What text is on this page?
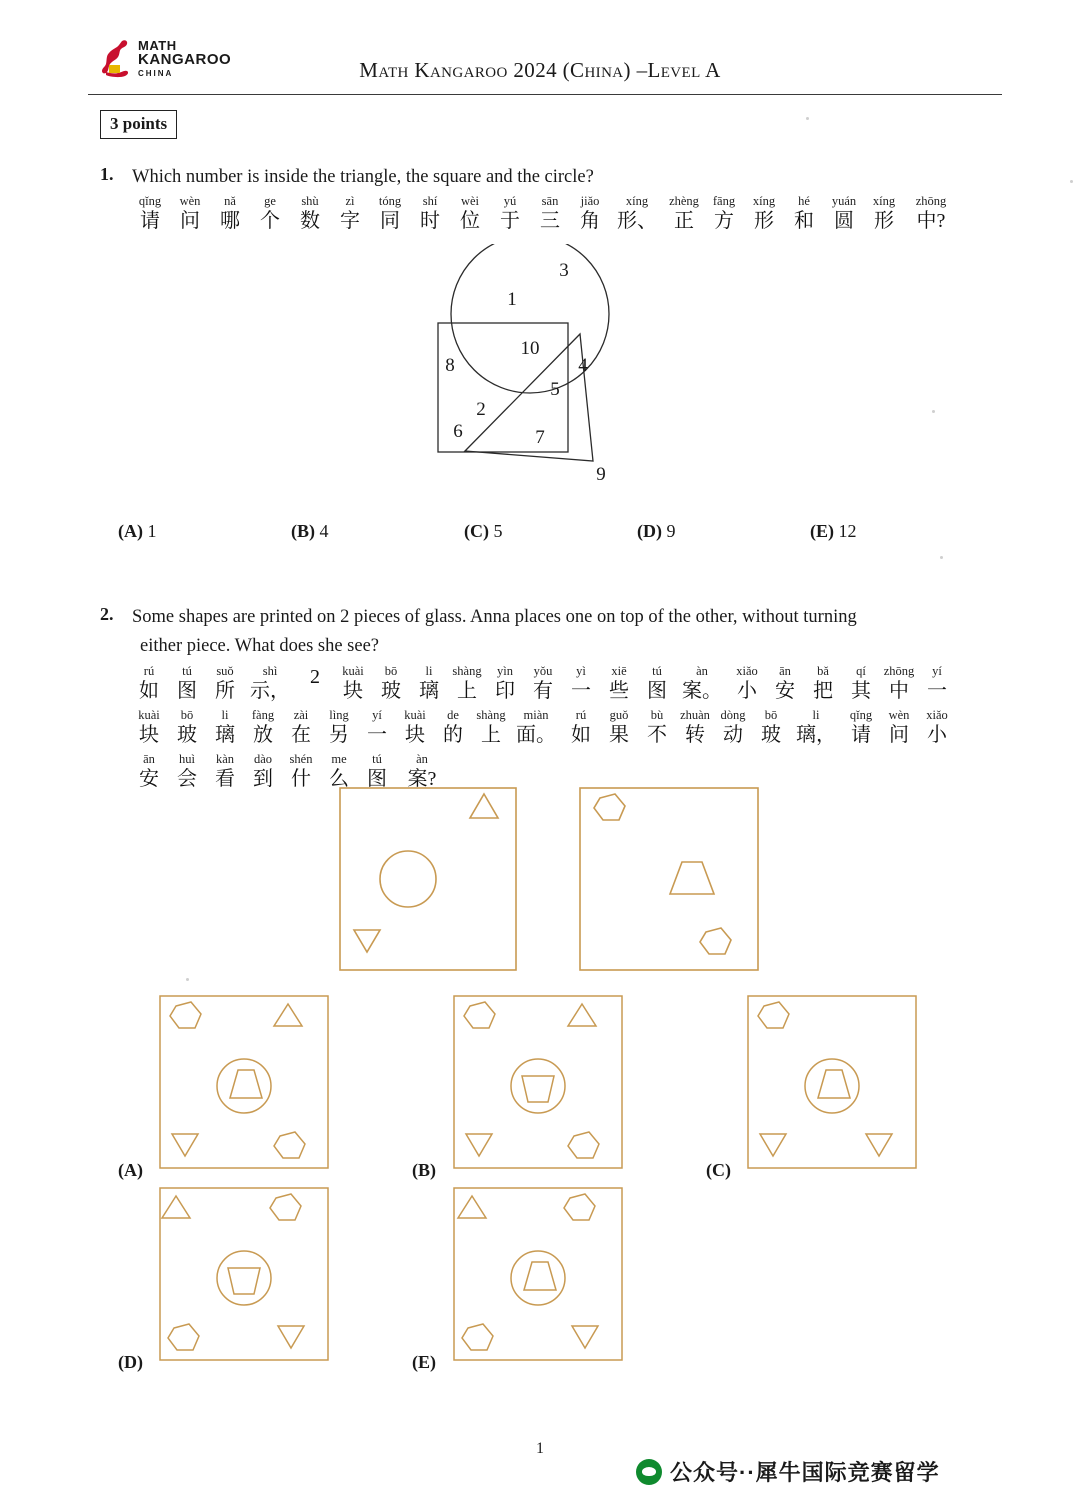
MATH
KANGAROO
CHINA	Math Kangaroo 2024 (China) –Level A
3 points
1. Which number is inside the triangle, the square and the circle?
qǐng
请
wèn
问
nǎ
哪
ge
个
shù
数
zì
字
tóng
同
shí
时
wèi
位
yú
于
sān
三
jiǎo
角
xíng
形、
zhèng
正
fāng
方
xíng
形
hé
和
yuán
圆
xíng
形
zhōng
中?
3
1
10
8	4
5
2
6	7
9
(A) 1	(B) 4	(C) 5	(D) 9	(E) 12
2. Some shapes are printed on 2 pieces of glass. Anna places one on top of the other, without turning
either piece. What does she see?
rú
如
tú
图
suǒ
所
shì
示，
2	kuài
块
bō
玻
li
璃
shàng
上
yìn
印
yǒu
有
yì
一
xiē
些
tú
图
àn
案。
xiǎo
小
ān
安
bǎ
把
qí
其
zhōng
中
yí
一
kuài
块
bō
玻
li
璃
fàng
放
zài
在
lìng
另
yí
一
kuài
块
de
的
shàng
上
miàn
面。
rú
如
guǒ
果
bù
不
zhuàn
转
dòng
动
bō
玻
li
璃，
qǐng
请
wèn
问
xiǎo
小
ān
安
huì
会
kàn
看
dào
到
shén
什
me
么
tú
图
àn
案?
(A)	(B)	(C)
(D)	(E)
1
公众号··犀牛国际竞赛留学
